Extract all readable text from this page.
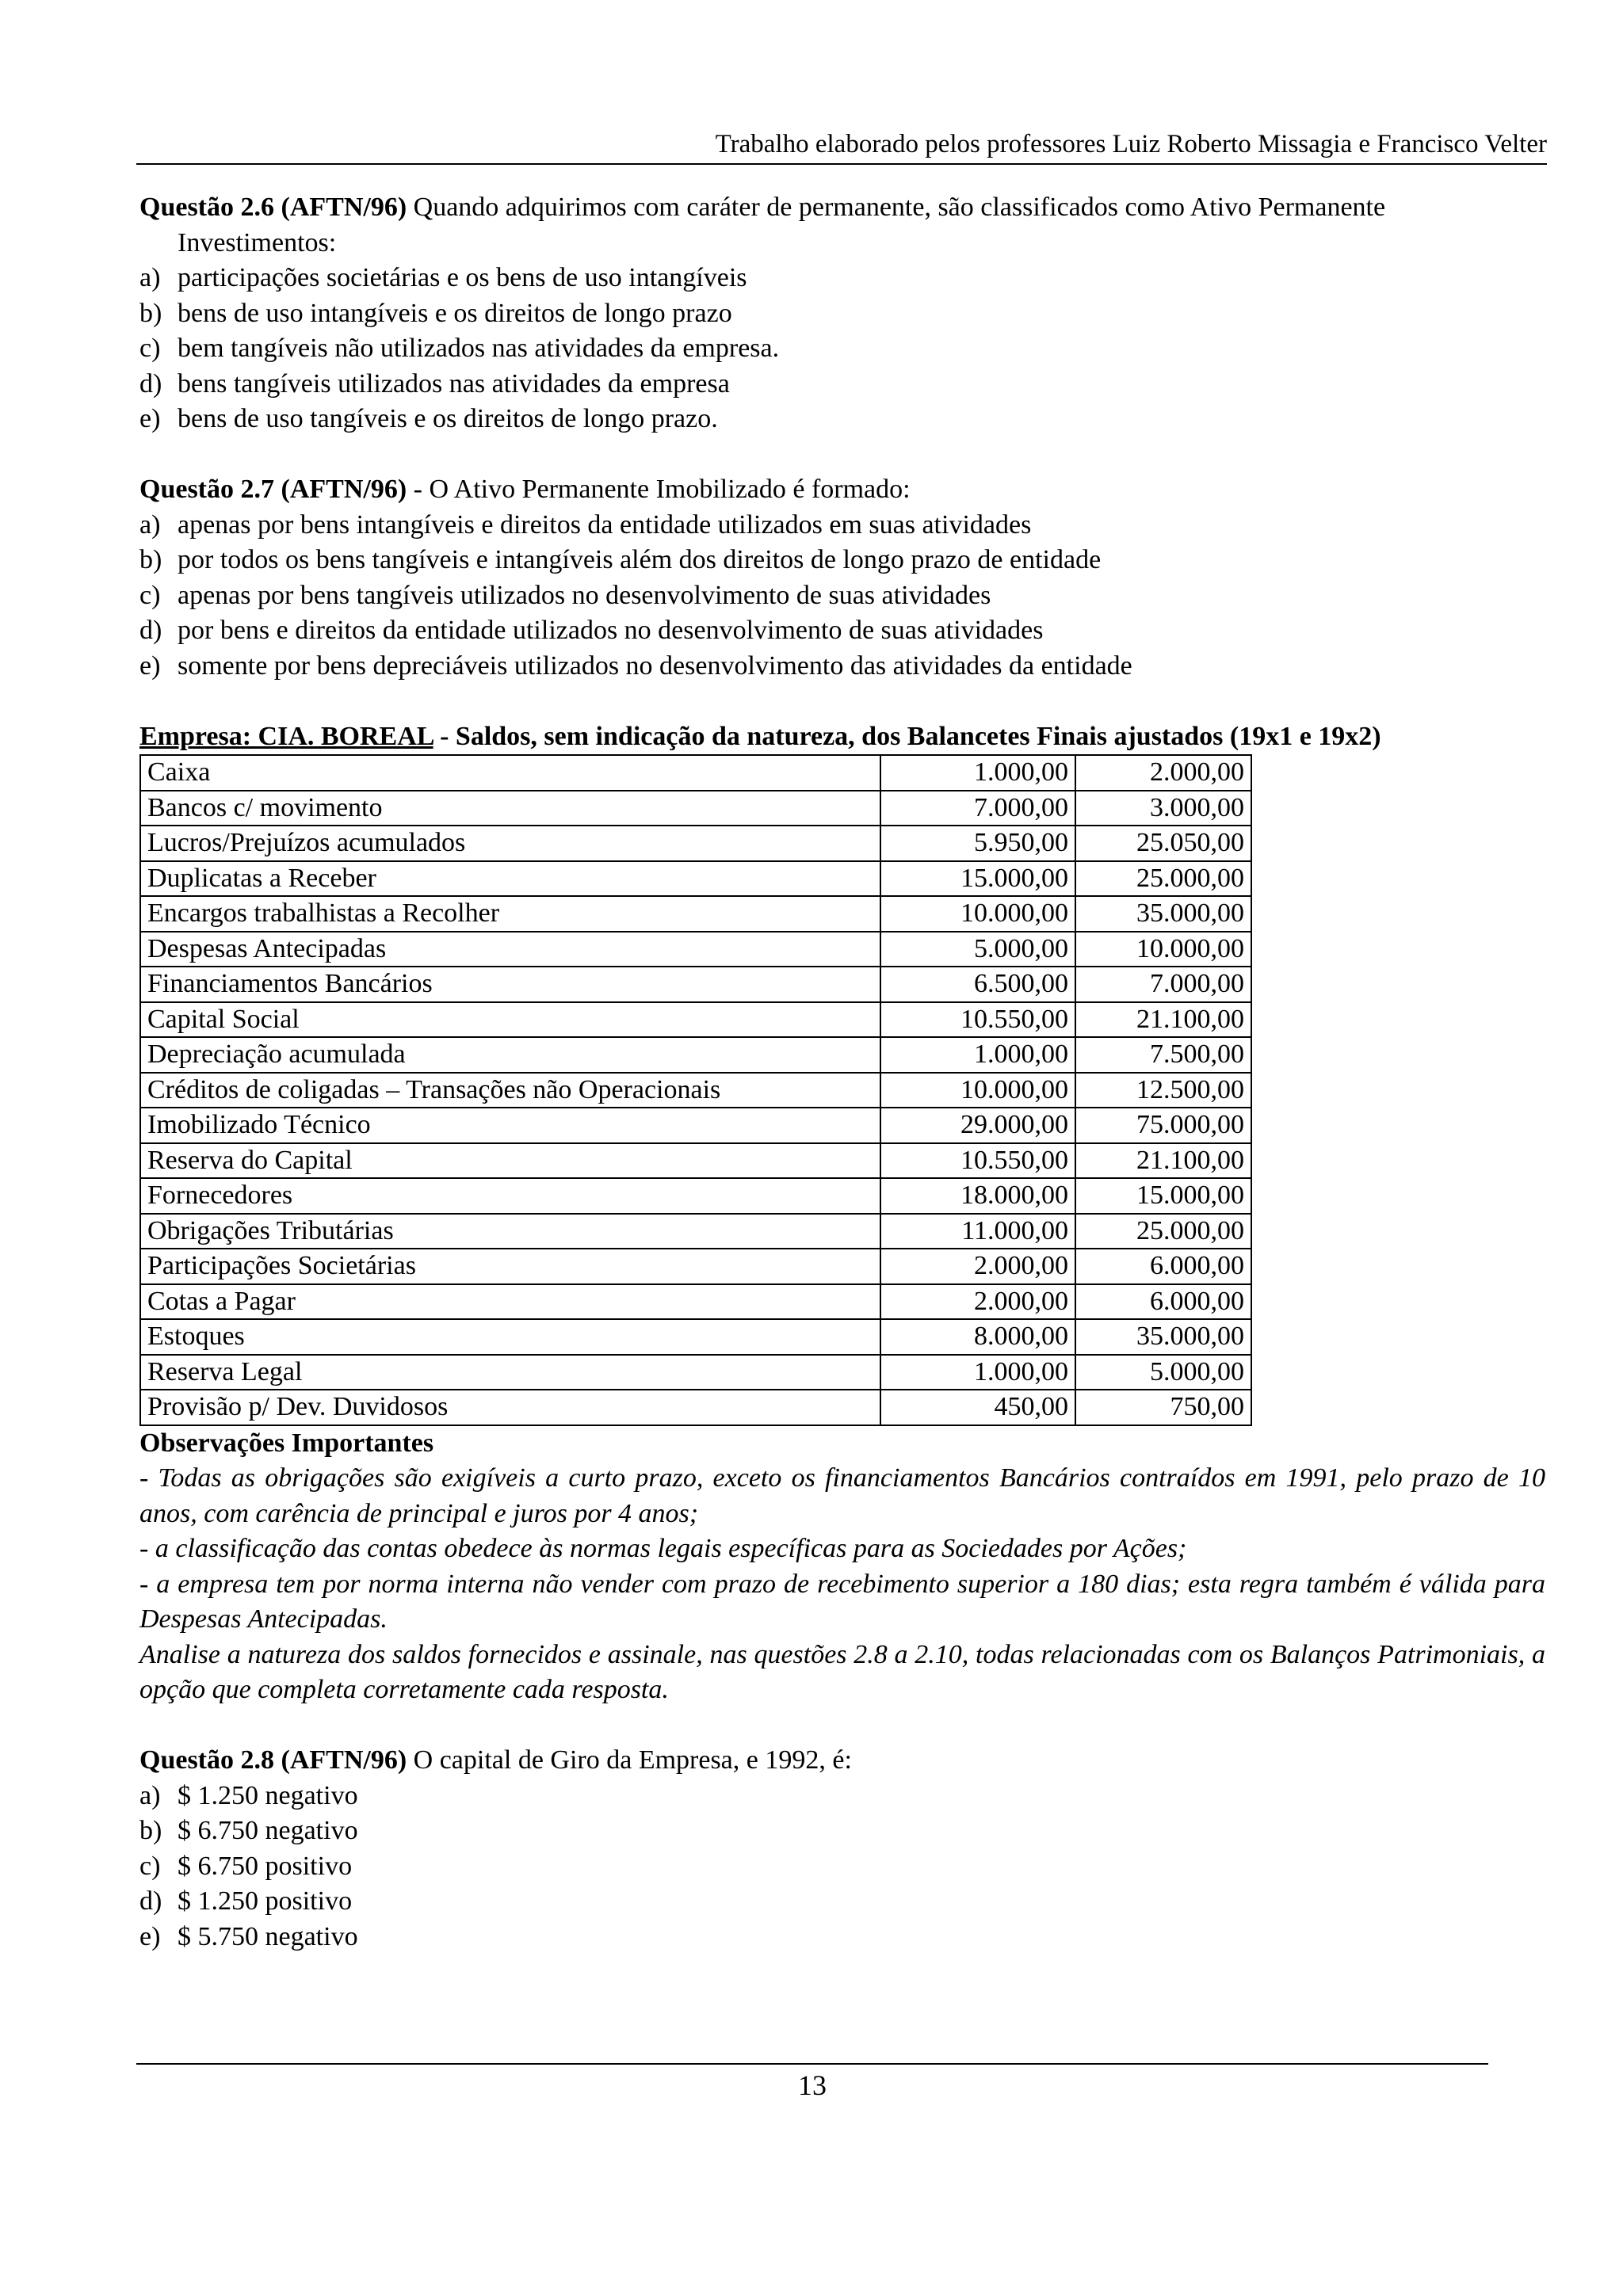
Trabalho elaborado pelos professores Luiz Roberto Missagia e Francisco Velter
Questão 2.6 (AFTN/96) Quando adquirimos com caráter de permanente, são classificados como Ativo Permanente
Investimentos:
a) participações societárias e os bens de uso intangíveis
b) bens de uso intangíveis e os direitos de longo prazo
c) bem tangíveis não utilizados nas atividades da empresa.
d) bens tangíveis utilizados nas atividades da empresa
e) bens de uso tangíveis e os direitos de longo prazo.
Questão 2.7 (AFTN/96) - O Ativo Permanente Imobilizado é formado:
a) apenas por bens intangíveis e direitos da entidade utilizados em suas atividades
b) por todos os bens tangíveis e intangíveis além dos direitos de longo prazo de entidade
c) apenas por bens tangíveis utilizados no desenvolvimento de suas atividades
d) por bens e direitos da entidade utilizados no desenvolvimento de suas atividades
e) somente por bens depreciáveis utilizados no desenvolvimento das atividades da entidade
Empresa: CIA. BOREAL - Saldos, sem indicação da natureza, dos Balancetes Finais ajustados (19x1 e 19x2)
Caixa	1.000,00	2.000,00
Bancos c/ movimento	7.000,00	3.000,00
Lucros/Prejuízos acumulados	5.950,00	25.050,00
Duplicatas a Receber	15.000,00	25.000,00
Encargos trabalhistas a Recolher	10.000,00	35.000,00
Despesas Antecipadas	5.000,00	10.000,00
Financiamentos Bancários	6.500,00	7.000,00
Capital Social	10.550,00	21.100,00
Depreciação acumulada	1.000,00	7.500,00
Créditos de coligadas – Transações não Operacionais	10.000,00	12.500,00
Imobilizado Técnico	29.000,00	75.000,00
Reserva do Capital	10.550,00	21.100,00
Fornecedores	18.000,00	15.000,00
Obrigações Tributárias	11.000,00	25.000,00
Participações Societárias	2.000,00	6.000,00
Cotas a Pagar	2.000,00	6.000,00
Estoques	8.000,00	35.000,00
Reserva Legal	1.000,00	5.000,00
Provisão p/ Dev. Duvidosos	450,00	750,00
Observações Importantes
- Todas as obrigações são exigíveis a curto prazo, exceto os financiamentos Bancários contraídos em 1991, pelo prazo de 10 anos, com carência de principal e juros por 4 anos;
- a classificação das contas obedece às normas legais específicas para as Sociedades por Ações;
- a empresa tem por norma interna não vender com prazo de recebimento superior a 180 dias; esta regra também é válida para Despesas Antecipadas.
Analise a natureza dos saldos fornecidos e assinale, nas questões 2.8 a 2.10, todas relacionadas com os Balanços Patrimoniais, a opção que completa corretamente cada resposta.
Questão 2.8 (AFTN/96) O capital de Giro da Empresa, e 1992, é:
a) $ 1.250 negativo
b) $ 6.750 negativo
c) $ 6.750 positivo
d) $ 1.250 positivo
e) $ 5.750 negativo
13
